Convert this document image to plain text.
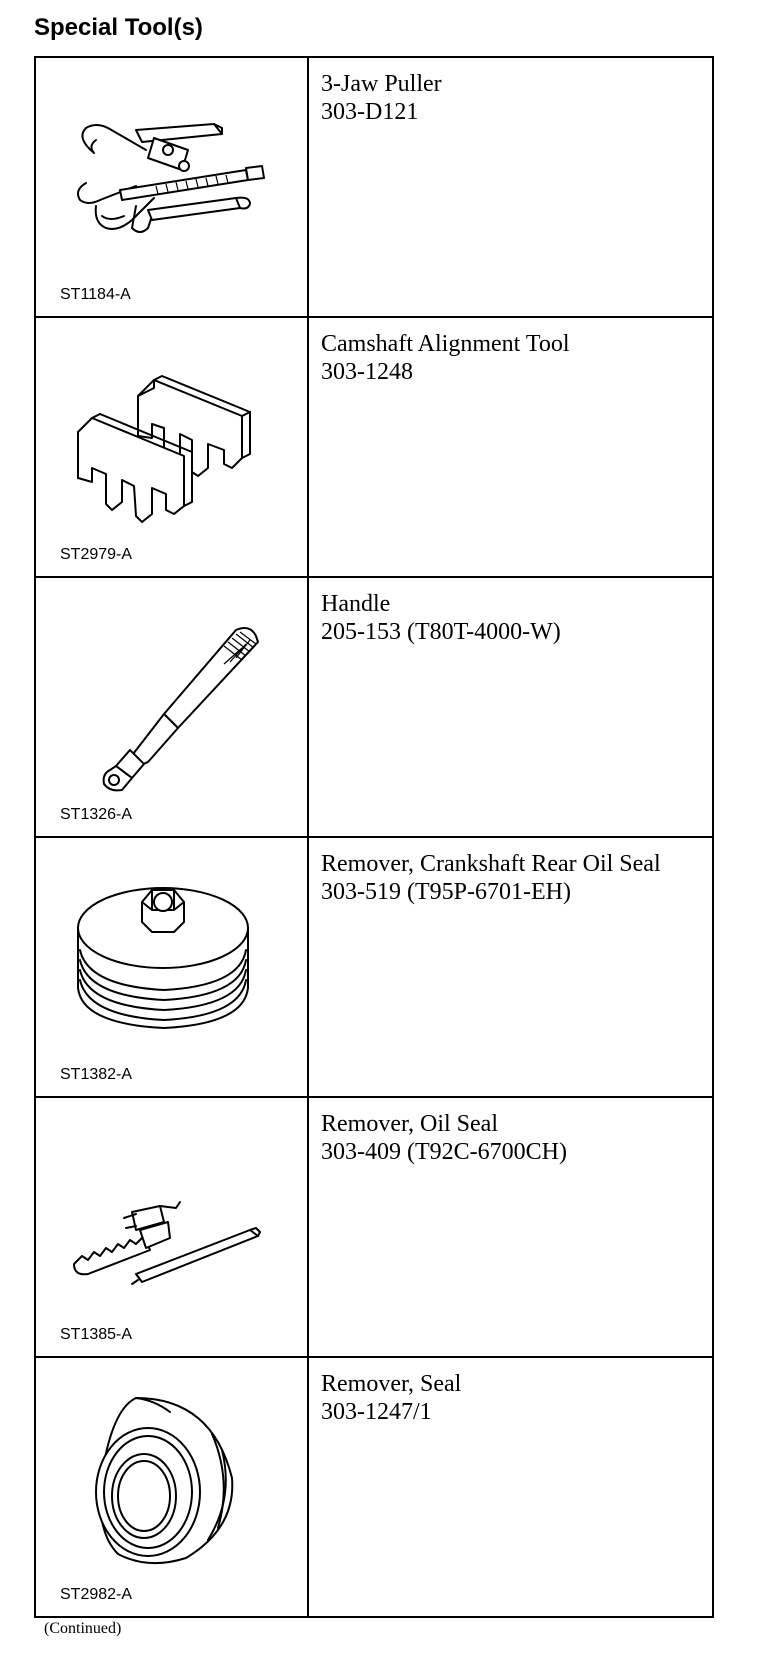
Special Tool(s)
ST1184-A	3-Jaw Puller
303-D121

ST2979-A	Camshaft Alignment Tool
303-1248

ST1326-A	Handle
205-153 (T80T-4000-W)

ST1382-A	Remover, Crankshaft Rear Oil Seal
303-519 (T95P-6701-EH)

ST1385-A	Remover, Oil Seal
303-409 (T92C-6700CH)

ST2982-A	Remover, Seal
303-1247/1
(Continued)
